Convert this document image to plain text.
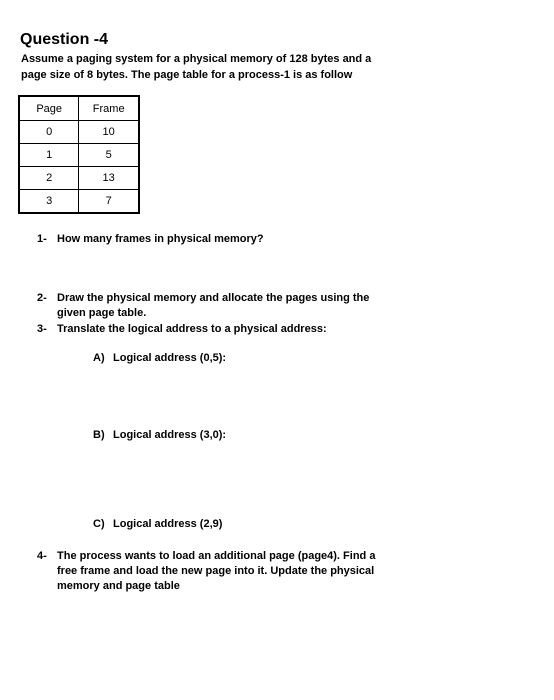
Question -4
Assume a paging system for a physical memory of 128 bytes and a page size of 8 bytes. The page table for a process-1 is as follow
Page	Frame
0	10
1	5
2	13
3	7
1- How many frames in physical memory?
2- Draw the physical memory and allocate the pages using the given page table.
3- Translate the logical address to a physical address:
A) Logical address (0,5):
B) Logical address (3,0):
C) Logical address (2,9)
4- The process wants to load an additional page (page4). Find a free frame and load the new page into it. Update the physical memory and page table
